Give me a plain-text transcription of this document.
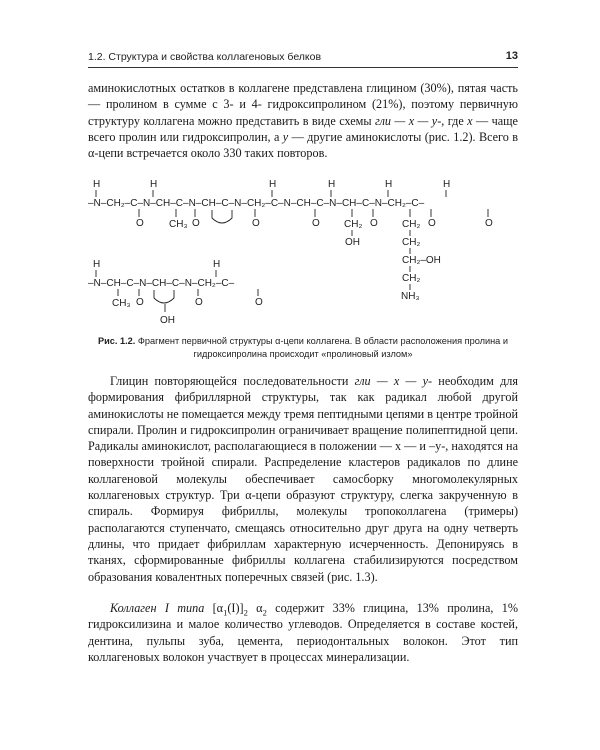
1.2. Структура и свойства коллагеновых белков	13

аминокислотных остатков в коллагене представлена глицином (30%), пятая часть — пролином в сумме с 3- и 4- гидроксипролином (21%), поэтому первичную структуру коллагена можно представить в виде схемы гли — х — у-, где х — чаще всего пролин или гидроксипролин, а у — другие аминокислоты (рис. 1.2). Всего в α-цепи встречается около 330 таких повторов.

–N–CH₂–C–N–CH–C–N–CH–C–N–CH₂–C–N–CH–C–N–CH–C–N–CH₂–C–
H	H	H	H	H	H
O	O	O	O	O	O	O
CH₃	CH₂
OH
CH₂
CH₂
CH₂–OH
CH₂
NH₃
H	H
–N–CH–C–N–CH–C–N–CH₂–C–
CH₃ O
OH
O	O
Рис. 1.2. Фрагмент первичной структуры α-цепи коллагена. В области расположения пролина и гидроксипролина происходит «пролиновый излом»

Глицин повторяющейся последовательности гли — х — у- необходим для формирования фибриллярной структуры, так как радикал любой другой аминокислоты не помещается между тремя пептидными цепями в центре тройной спирали. Пролин и гидроксипролин ограничивает вращение полипептидной цепи. Радикалы аминокислот, располагающиеся в положении — х — и –у-, находятся на поверхности тройной спирали. Распределение кластеров радикалов по длине коллагеновой молекулы обеспечивает самосборку многомолекулярных коллагеновых структур. Три α-цепи образуют структуру, слегка закрученную в спираль. Формируя фибриллы, молекулы тропоколлагена (тримеры) располагаются ступенчато, смещаясь относительно друг друга на одну четверть длины, что придает фибриллам характерную исчерченность. Депонируясь в тканях, сформированные фибриллы коллагена стабилизируются посредством образования ковалентных поперечных связей (рис. 1.3).

Коллаген I типа $[\alpha_1(I)]_2$ $\alpha_2$ содержит 33% глицина, 13% пролина, 1% гидроксилизина и малое количество углеводов. Определяется в составе костей, дентина, пульпы зуба, цемента, периодонтальных волокон. Этот тип коллагеновых волокон участвует в процессах минерализации.
